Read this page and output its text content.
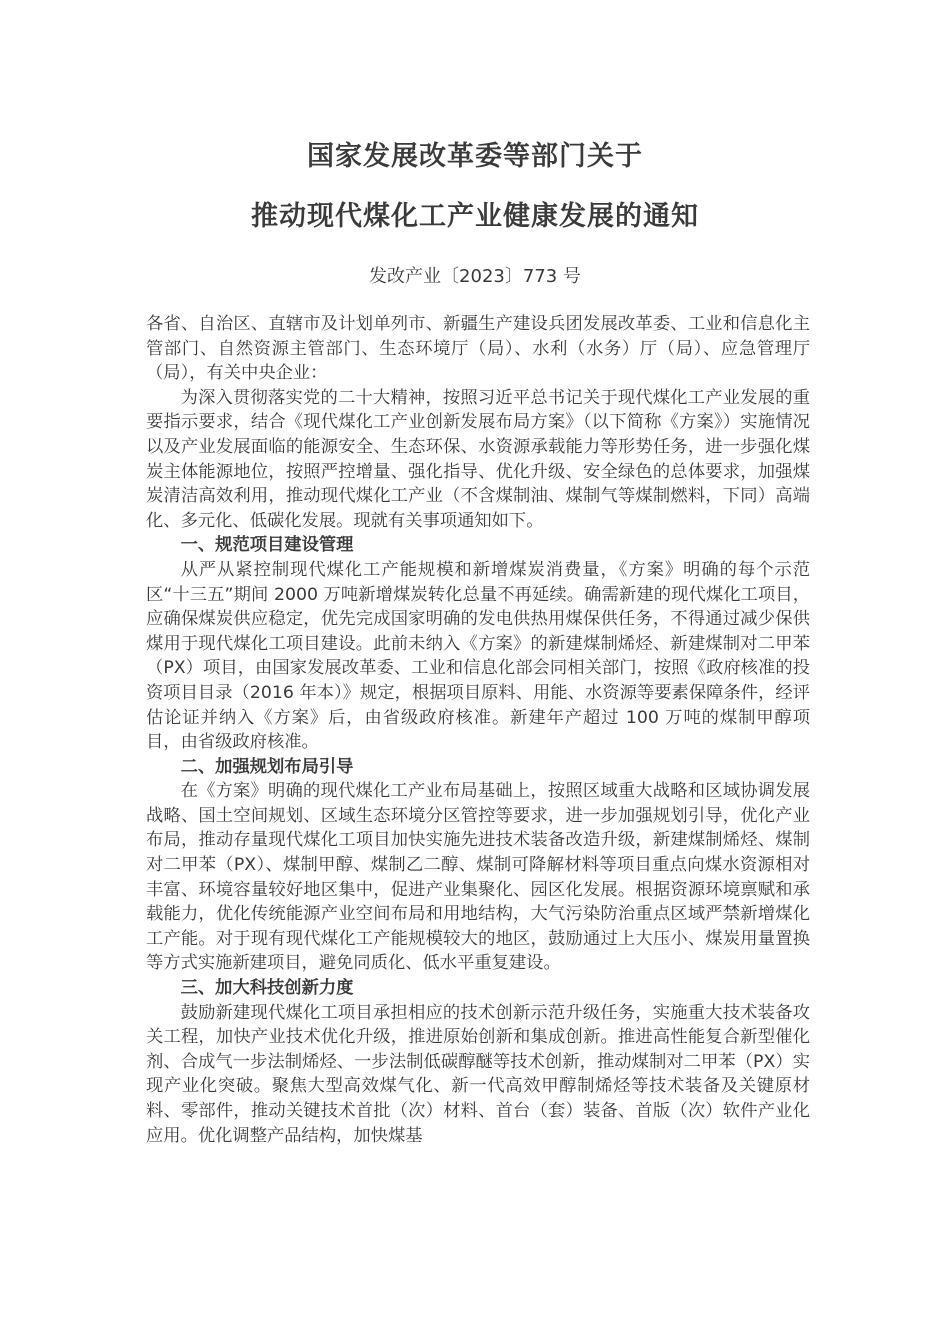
国家发展改革委等部门关于
推动现代煤化工产业健康发展的通知
发改产业〔2023〕773 号

各省、自治区、直辖市及计划单列市、新疆生产建设兵团发展改革委、工业和信息化主管部门、自然资源主管部门、生态环境厅（局）、水利（水务）厅（局）、应急管理厅（局），有关中央企业：

为深入贯彻落实党的二十大精神，按照习近平总书记关于现代煤化工产业发展的重要指示要求，结合《现代煤化工产业创新发展布局方案》（以下简称《方案》）实施情况以及产业发展面临的能源安全、生态环保、水资源承载能力等形势任务，进一步强化煤炭主体能源地位，按照严控增量、强化指导、优化升级、安全绿色的总体要求，加强煤炭清洁高效利用，推动现代煤化工产业（不含煤制油、煤制气等煤制燃料，下同）高端化、多元化、低碳化发展。现就有关事项通知如下。

一、规范项目建设管理

从严从紧控制现代煤化工产能规模和新增煤炭消费量，《方案》明确的每个示范区“十三五”期间 2000 万吨新增煤炭转化总量不再延续。确需新建的现代煤化工项目，应确保煤炭供应稳定，优先完成国家明确的发电供热用煤保供任务，不得通过减少保供煤用于现代煤化工项目建设。此前未纳入《方案》的新建煤制烯烃、新建煤制对二甲苯（PX）项目，由国家发展改革委、工业和信息化部会同相关部门，按照《政府核准的投资项目目录（2016 年本）》规定，根据项目原料、用能、水资源等要素保障条件，经评估论证并纳入《方案》后，由省级政府核准。新建年产超过 100 万吨的煤制甲醇项目，由省级政府核准。

二、加强规划布局引导

在《方案》明确的现代煤化工产业布局基础上，按照区域重大战略和区域协调发展战略、国土空间规划、区域生态环境分区管控等要求，进一步加强规划引导，优化产业布局，推动存量现代煤化工项目加快实施先进技术装备改造升级，新建煤制烯烃、煤制对二甲苯（PX）、煤制甲醇、煤制乙二醇、煤制可降解材料等项目重点向煤水资源相对丰富、环境容量较好地区集中，促进产业集聚化、园区化发展。根据资源环境禀赋和承载能力，优化传统能源产业空间布局和用地结构，大气污染防治重点区域严禁新增煤化工产能。对于现有现代煤化工产能规模较大的地区，鼓励通过上大压小、煤炭用量置换等方式实施新建项目，避免同质化、低水平重复建设。

三、加大科技创新力度

鼓励新建现代煤化工项目承担相应的技术创新示范升级任务，实施重大技术装备攻关工程，加快产业技术优化升级，推进原始创新和集成创新。推进高性能复合新型催化剂、合成气一步法制烯烃、一步法制低碳醇醚等技术创新，推动煤制对二甲苯（PX）实现产业化突破。聚焦大型高效煤气化、新一代高效甲醇制烯烃等技术装备及关键原材料、零部件，推动关键技术首批（次）材料、首台（套）装备、首版（次）软件产业化应用。优化调整产品结构，加快煤基
